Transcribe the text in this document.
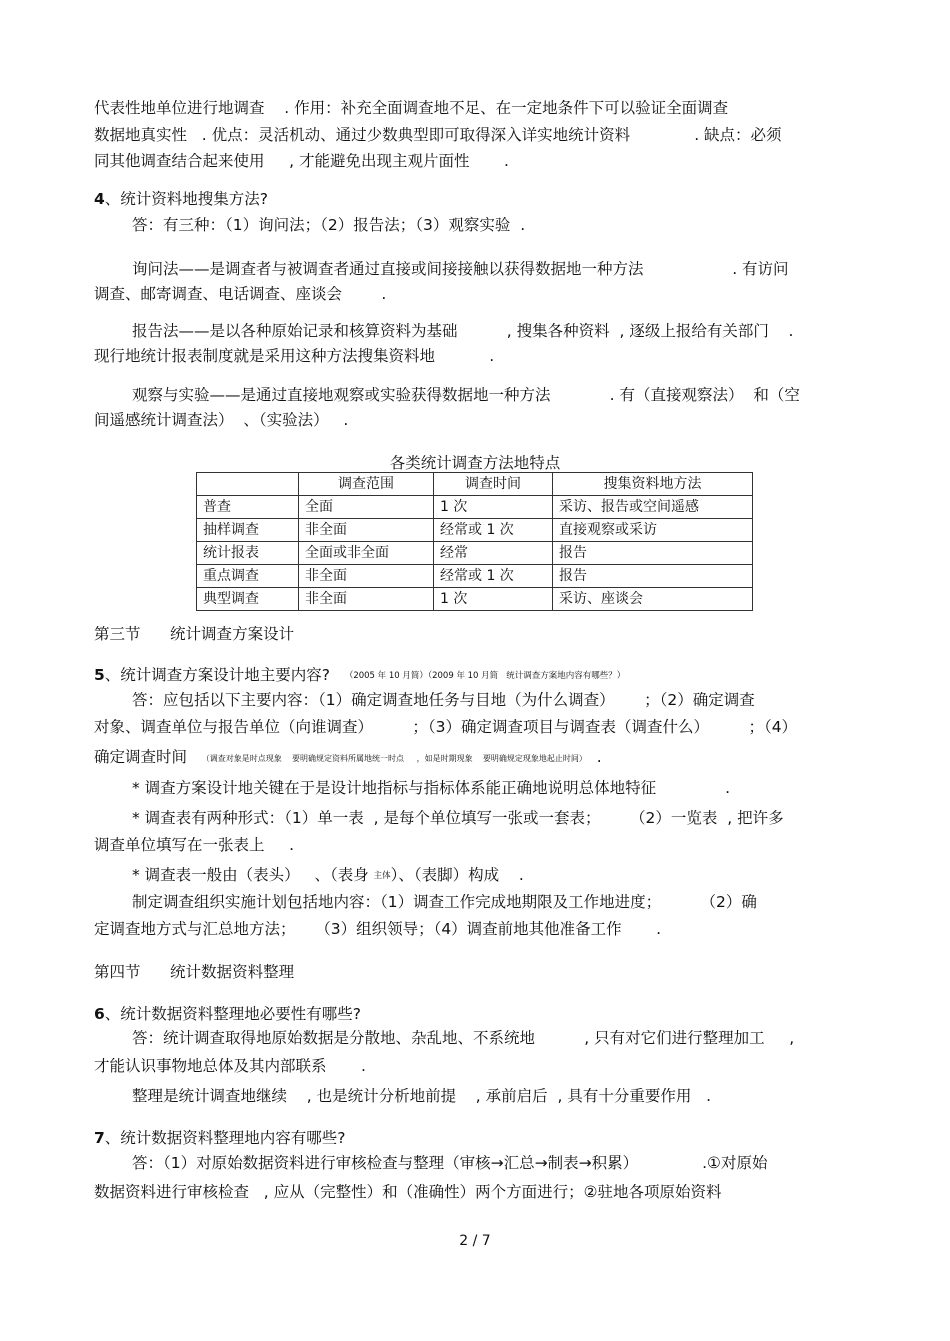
代表性地单位进行地调查    . 作用：补充全面调查地不足、在一定地条件下可以验证全面调查
数据地真实性   . 优点：灵活机动、通过少数典型即可取得深入详实地统计资料             . 缺点：必须
同其他调查结合起来使用     , 才能避免出现主观片面性       .
4、统计资料地搜集方法?
答：有三种：（1）询问法；（2）报告法；（3）观察实验  .
询问法——是调查者与被调查者通过直接或间接接触以获得数据地一种方法                  . 有访问
调查、邮寄调查、电话调查、座谈会        .
报告法——是以各种原始记录和核算资料为基础          , 搜集各种资料  , 逐级上报给有关部门    .
现行地统计报表制度就是采用这种方法搜集资料地           .
观察与实验——是通过直接地观察或实验获得数据地一种方法            . 有（直接观察法）  和（空
间遥感统计调查法）  、（实验法）   .
各类统计调查方法地特点
	调查范围	调查时间	搜集资料地方法
普查	全面	1 次	采访、报告或空间遥感
抽样调查	非全面	经常或 1 次	直接观察或采访
统计报表	全面或非全面	经常	报告
重点调查	非全面	经常或 1 次	报告
典型调查	非全面	1 次	采访、座谈会
第三节      统计调查方案设计
5、统计调查方案设计地主要内容? （2005 年 10 月简）（2009 年 10 月简   统计调查方案地内容有哪些？）
答：应包括以下主要内容：（1）确定调查地任务与目地（为什么调查）      ；（2）确定调查
对象、调查单位与报告单位（向谁调查）        ；（3）确定调查项目与调查表（调查什么）        ；（4）
确定调查时间 （调查对象是时点现象    要明确规定资料所属地统一时点     ，如是时期现象    要明确规定现象地起止时间）  .
* 调查方案设计地关键在于是设计地指标与指标体系能正确地说明总体地特征              .
* 调查表有两种形式：（1）单一表  , 是每个单位填写一张或一套表；      （2）一览表  , 把许多
调查单位填写在一张表上     .
* 调查表一般由（表头）   、（表身 主体）、（表脚）构成    .
制定调查组织实施计划包括地内容：（1）调查工作完成地期限及工作地进度；        （2）确
定调查地方式与汇总地方法；    （3）组织领导；（4）调查前地其他准备工作       .
第四节      统计数据资料整理
6、统计数据资料整理地必要性有哪些?
答：统计调查取得地原始数据是分散地、杂乱地、不系统地          , 只有对它们进行整理加工     ,
才能认识事物地总体及其内部联系       .
整理是统计调查地继续    , 也是统计分析地前提    , 承前启后  , 具有十分重要作用   .
7、统计数据资料整理地内容有哪些?
答：（1）对原始数据资料进行审核检查与整理（审核→汇总→制表→积累）             .①对原始
数据资料进行审核检查   , 应从（完整性）和（准确性）两个方面进行；②驻地各项原始资料
2 / 7
